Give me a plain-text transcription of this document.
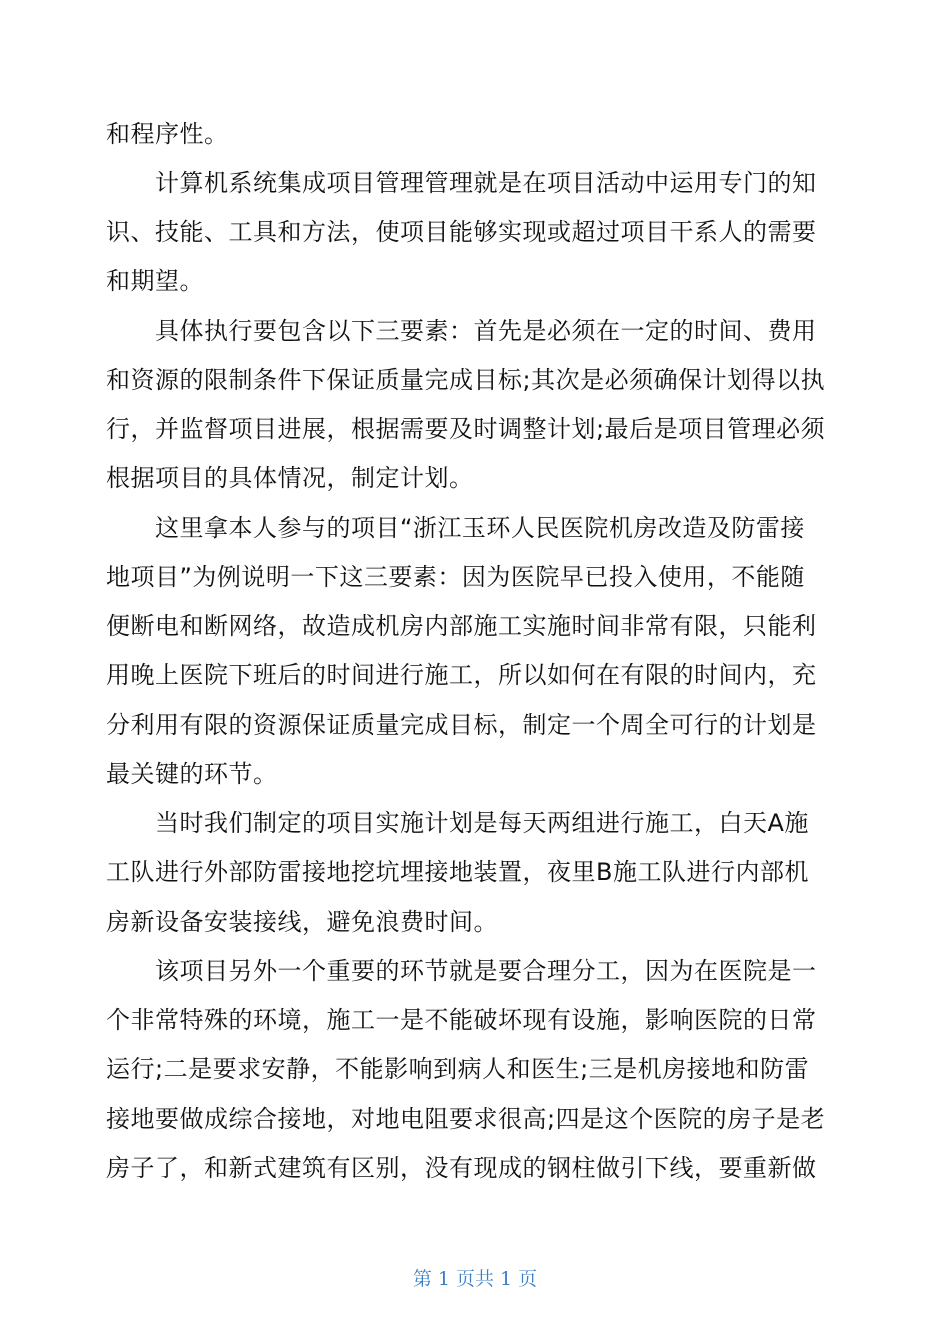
和程序性。
计算机系统集成项目管理管理就是在项目活动中运用专门的知
识、技能、工具和方法，使项目能够实现或超过项目干系人的需要
和期望。
具体执行要包含以下三要素：首先是必须在一定的时间、费用
和资源的限制条件下保证质量完成目标;其次是必须确保计划得以执
行，并监督项目进展，根据需要及时调整计划;最后是项目管理必须
根据项目的具体情况，制定计划。
这里拿本人参与的项目“浙江玉环人民医院机房改造及防雷接
地项目”为例说明一下这三要素：因为医院早已投入使用，不能随
便断电和断网络，故造成机房内部施工实施时间非常有限，只能利
用晚上医院下班后的时间进行施工，所以如何在有限的时间内，充
分利用有限的资源保证质量完成目标，制定一个周全可行的计划是
最关键的环节。
当时我们制定的项目实施计划是每天两组进行施工，白天A施
工队进行外部防雷接地挖坑埋接地装置，夜里B施工队进行内部机
房新设备安装接线，避免浪费时间。
该项目另外一个重要的环节就是要合理分工，因为在医院是一
个非常特殊的环境，施工一是不能破坏现有设施，影响医院的日常
运行;二是要求安静，不能影响到病人和医生;三是机房接地和防雷
接地要做成综合接地，对地电阻要求很高;四是这个医院的房子是老
房子了，和新式建筑有区别，没有现成的钢柱做引下线，要重新做
第 1 页共 1 页
